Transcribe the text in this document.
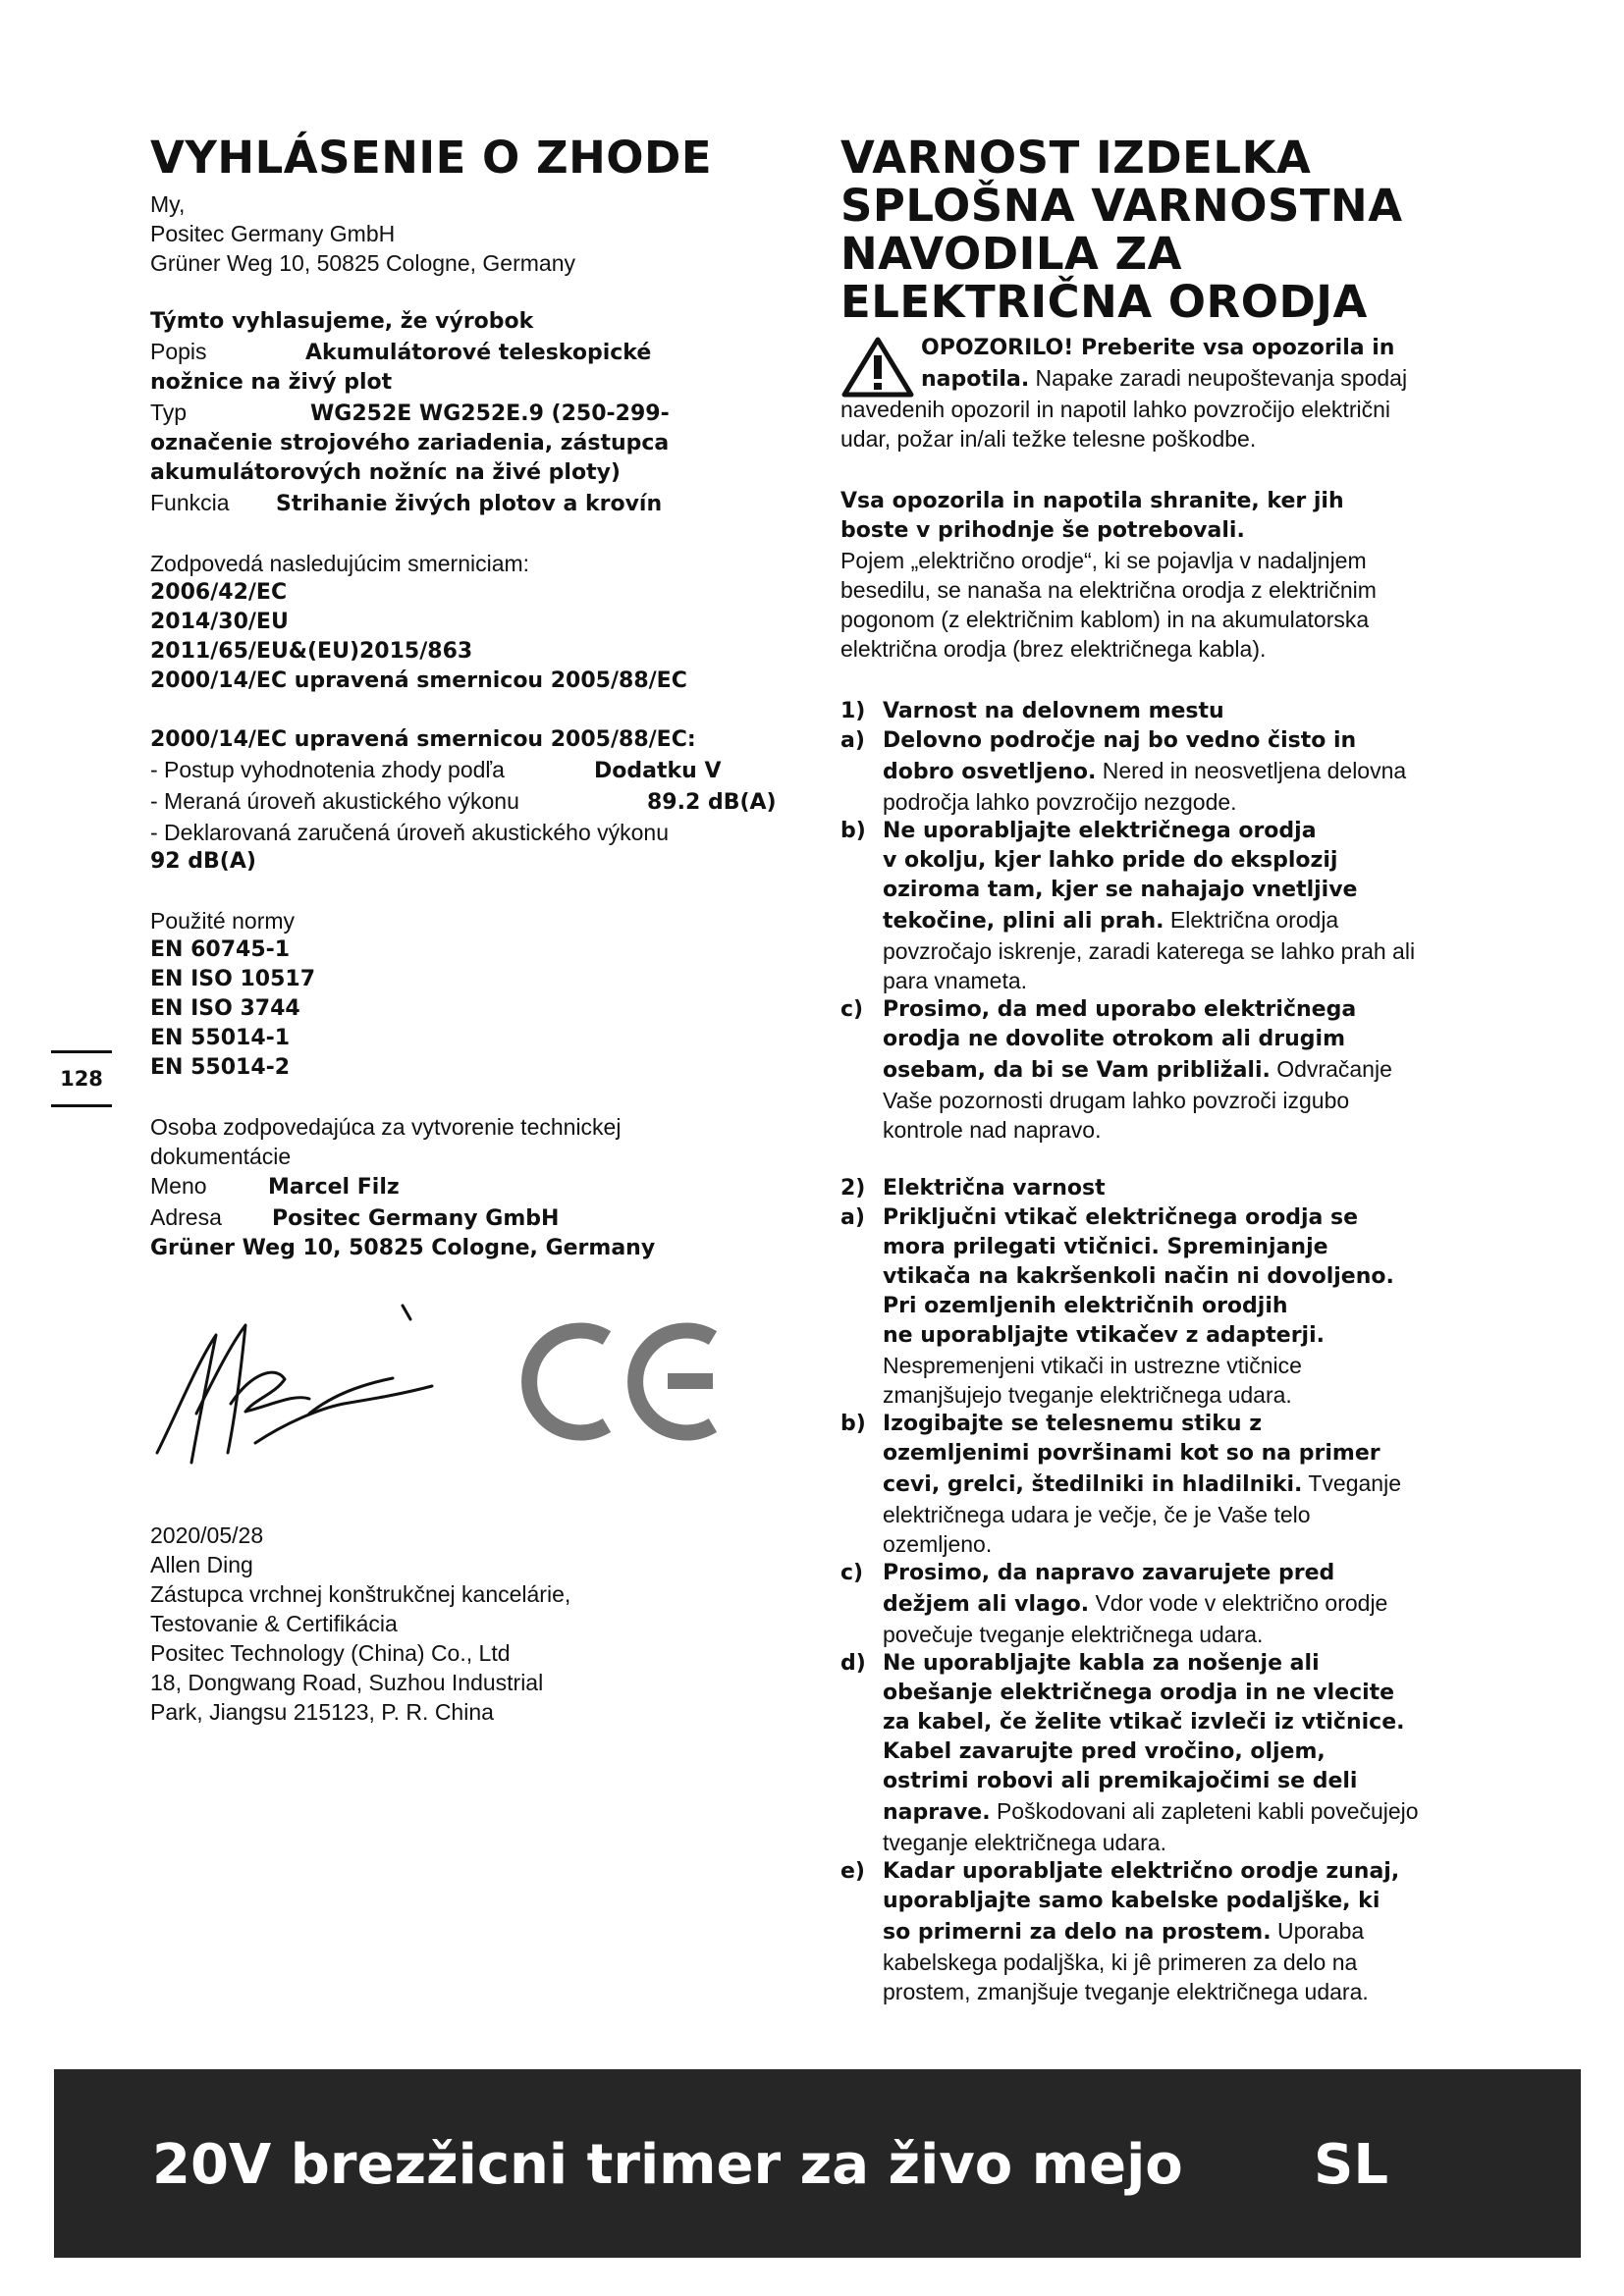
VYHLÁSENIE O ZHODE

My,

Positec Germany GmbH

Grüner Weg 10, 50825 Cologne, Germany

Týmto vyhlasujeme, že výrobok

Popis	Akumulátorové teleskopické

nožnice na živý plot

Typ	WG252E WG252E.9 (250-299-

označenie strojového zariadenia, zástupca

akumulátorových nožníc na živé ploty)

Funkcia Strihanie živých plotov a krovín

Zodpovedá nasledujúcim smerniciam:

2006/42/EC

2014/30/EU

2011/65/EU&(EU)2015/863

2000/14/EC upravená smernicou 2005/88/EC

2000/14/EC upravená smernicou 2005/88/EC:

- Postup vyhodnotenia zhody podľa	Dodatku V

- Meraná úroveň akustického výkonu	89.2 dB(A)

- Deklarovaná zaručená úroveň akustického výkonu

92 dB(A)

Použité normy

EN 60745-1

EN ISO 10517

EN ISO 3744

EN 55014-1

EN 55014-2

Osoba zodpovedajúca za vytvorenie technickej

dokumentácie

Meno	Marcel Filz

Adresa Positec Germany GmbH

Grüner Weg 10, 50825 Cologne, Germany

2020/05/28

Allen Ding

Zástupca vrchnej konštrukčnej kancelárie,

Testovanie & Certifikácia

Positec Technology (China) Co., Ltd

18, Dongwang Road, Suzhou Industrial

Park, Jiangsu 215123, P. R. China

128
VARNOST IZDELKA
SPLOŠNA VARNOSTNA
NAVODILA ZA
ELEKTRIČNA ORODJA

OPOZORILO! Preberite vsa opozorila in

napotila. Napake zaradi neupoštevanja spodaj

navedenih opozoril in napotil lahko povzročijo električni

udar, požar in/ali težke telesne poškodbe.

Vsa opozorila in napotila shranite, ker jih

boste v prihodnje še potrebovali.

Pojem „električno orodje“, ki se pojavlja v nadaljnjem

besedilu, se nanaša na električna orodja z električnim

pogonom (z električnim kablom) in na akumulatorska

električna orodja (brez električnega kabla).

1) Varnost na delovnem mestu
a) Delovno področje naj bo vedno čisto in
dobro osvetljeno. Nered in neosvetljena delovna
področja lahko povzročijo nezgode.
b) Ne uporabljajte električnega orodja
v okolju, kjer lahko pride do eksplozij
oziroma tam, kjer se nahajajo vnetljive
tekočine, plini ali prah. Električna orodja
povzročajo iskrenje, zaradi katerega se lahko prah ali
para vnameta.
c) Prosimo, da med uporabo električnega
orodja ne dovolite otrokom ali drugim
osebam, da bi se Vam približali. Odvračanje
Vaše pozornosti drugam lahko povzroči izgubo
kontrole nad napravo.
2) Električna varnost
a) Priključni vtikač električnega orodja se
mora prilegati vtičnici. Spreminjanje
vtikača na kakršenkoli način ni dovoljeno.
Pri ozemljenih električnih orodjih
ne uporabljajte vtikačev z adapterji.
Nespremenjeni vtikači in ustrezne vtičnice
zmanjšujejo tveganje električnega udara.
b) Izogibajte se telesnemu stiku z
ozemljenimi površinami kot so na primer
cevi, grelci, štedilniki in hladilniki. Tveganje
električnega udara je večje, če je Vaše telo
ozemljeno.
c) Prosimo, da napravo zavarujete pred
dežjem ali vlago. Vdor vode v električno orodje
povečuje tveganje električnega udara.
d) Ne uporabljajte kabla za nošenje ali
obešanje električnega orodja in ne vlecite
za kabel, če želite vtikač izvleči iz vtičnice.
Kabel zavarujte pred vročino, oljem,
ostrimi robovi ali premikajočimi se deli
naprave. Poškodovani ali zapleteni kabli povečujejo
tveganje električnega udara.
e) Kadar uporabljate električno orodje zunaj,
uporabljajte samo kabelske podaljške, ki
so primerni za delo na prostem. Uporaba
kabelskega podaljška, ki jê primeren za delo na
prostem, zmanjšuje tveganje električnega udara.
20V brezžicni trimer za živo mejo SL
